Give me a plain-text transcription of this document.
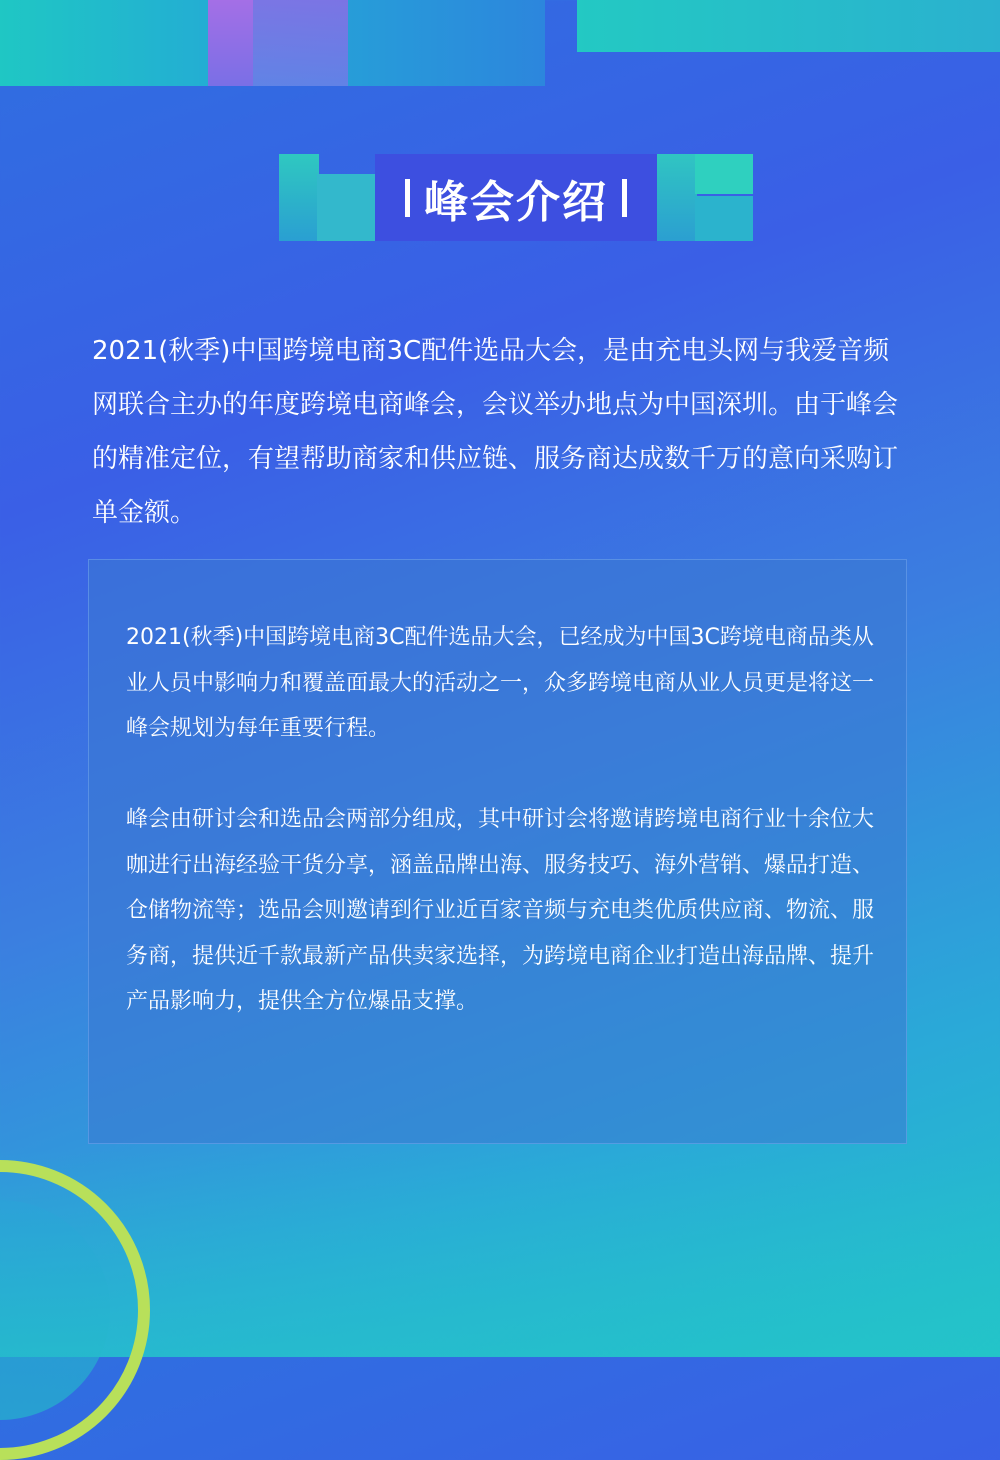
峰会介绍

2021(秋季)中国跨境电商3C配件选品大会，是由充电头网与我爱音频网联合主办的年度跨境电商峰会，会议举办地点为中国深圳。由于峰会的精准定位，有望帮助商家和供应链、服务商达成数千万的意向采购订单金额。

2021(秋季)中国跨境电商3C配件选品大会，已经成为中国3C跨境电商品类从业人员中影响力和覆盖面最大的活动之一，众多跨境电商从业人员更是将这一峰会规划为每年重要行程。

峰会由研讨会和选品会两部分组成，其中研讨会将邀请跨境电商行业十余位大咖进行出海经验干货分享，涵盖品牌出海、服务技巧、海外营销、爆品打造、仓储物流等；选品会则邀请到行业近百家音频与充电类优质供应商、物流、服务商，提供近千款最新产品供卖家选择，为跨境电商企业打造出海品牌、提升产品影响力，提供全方位爆品支撑。
